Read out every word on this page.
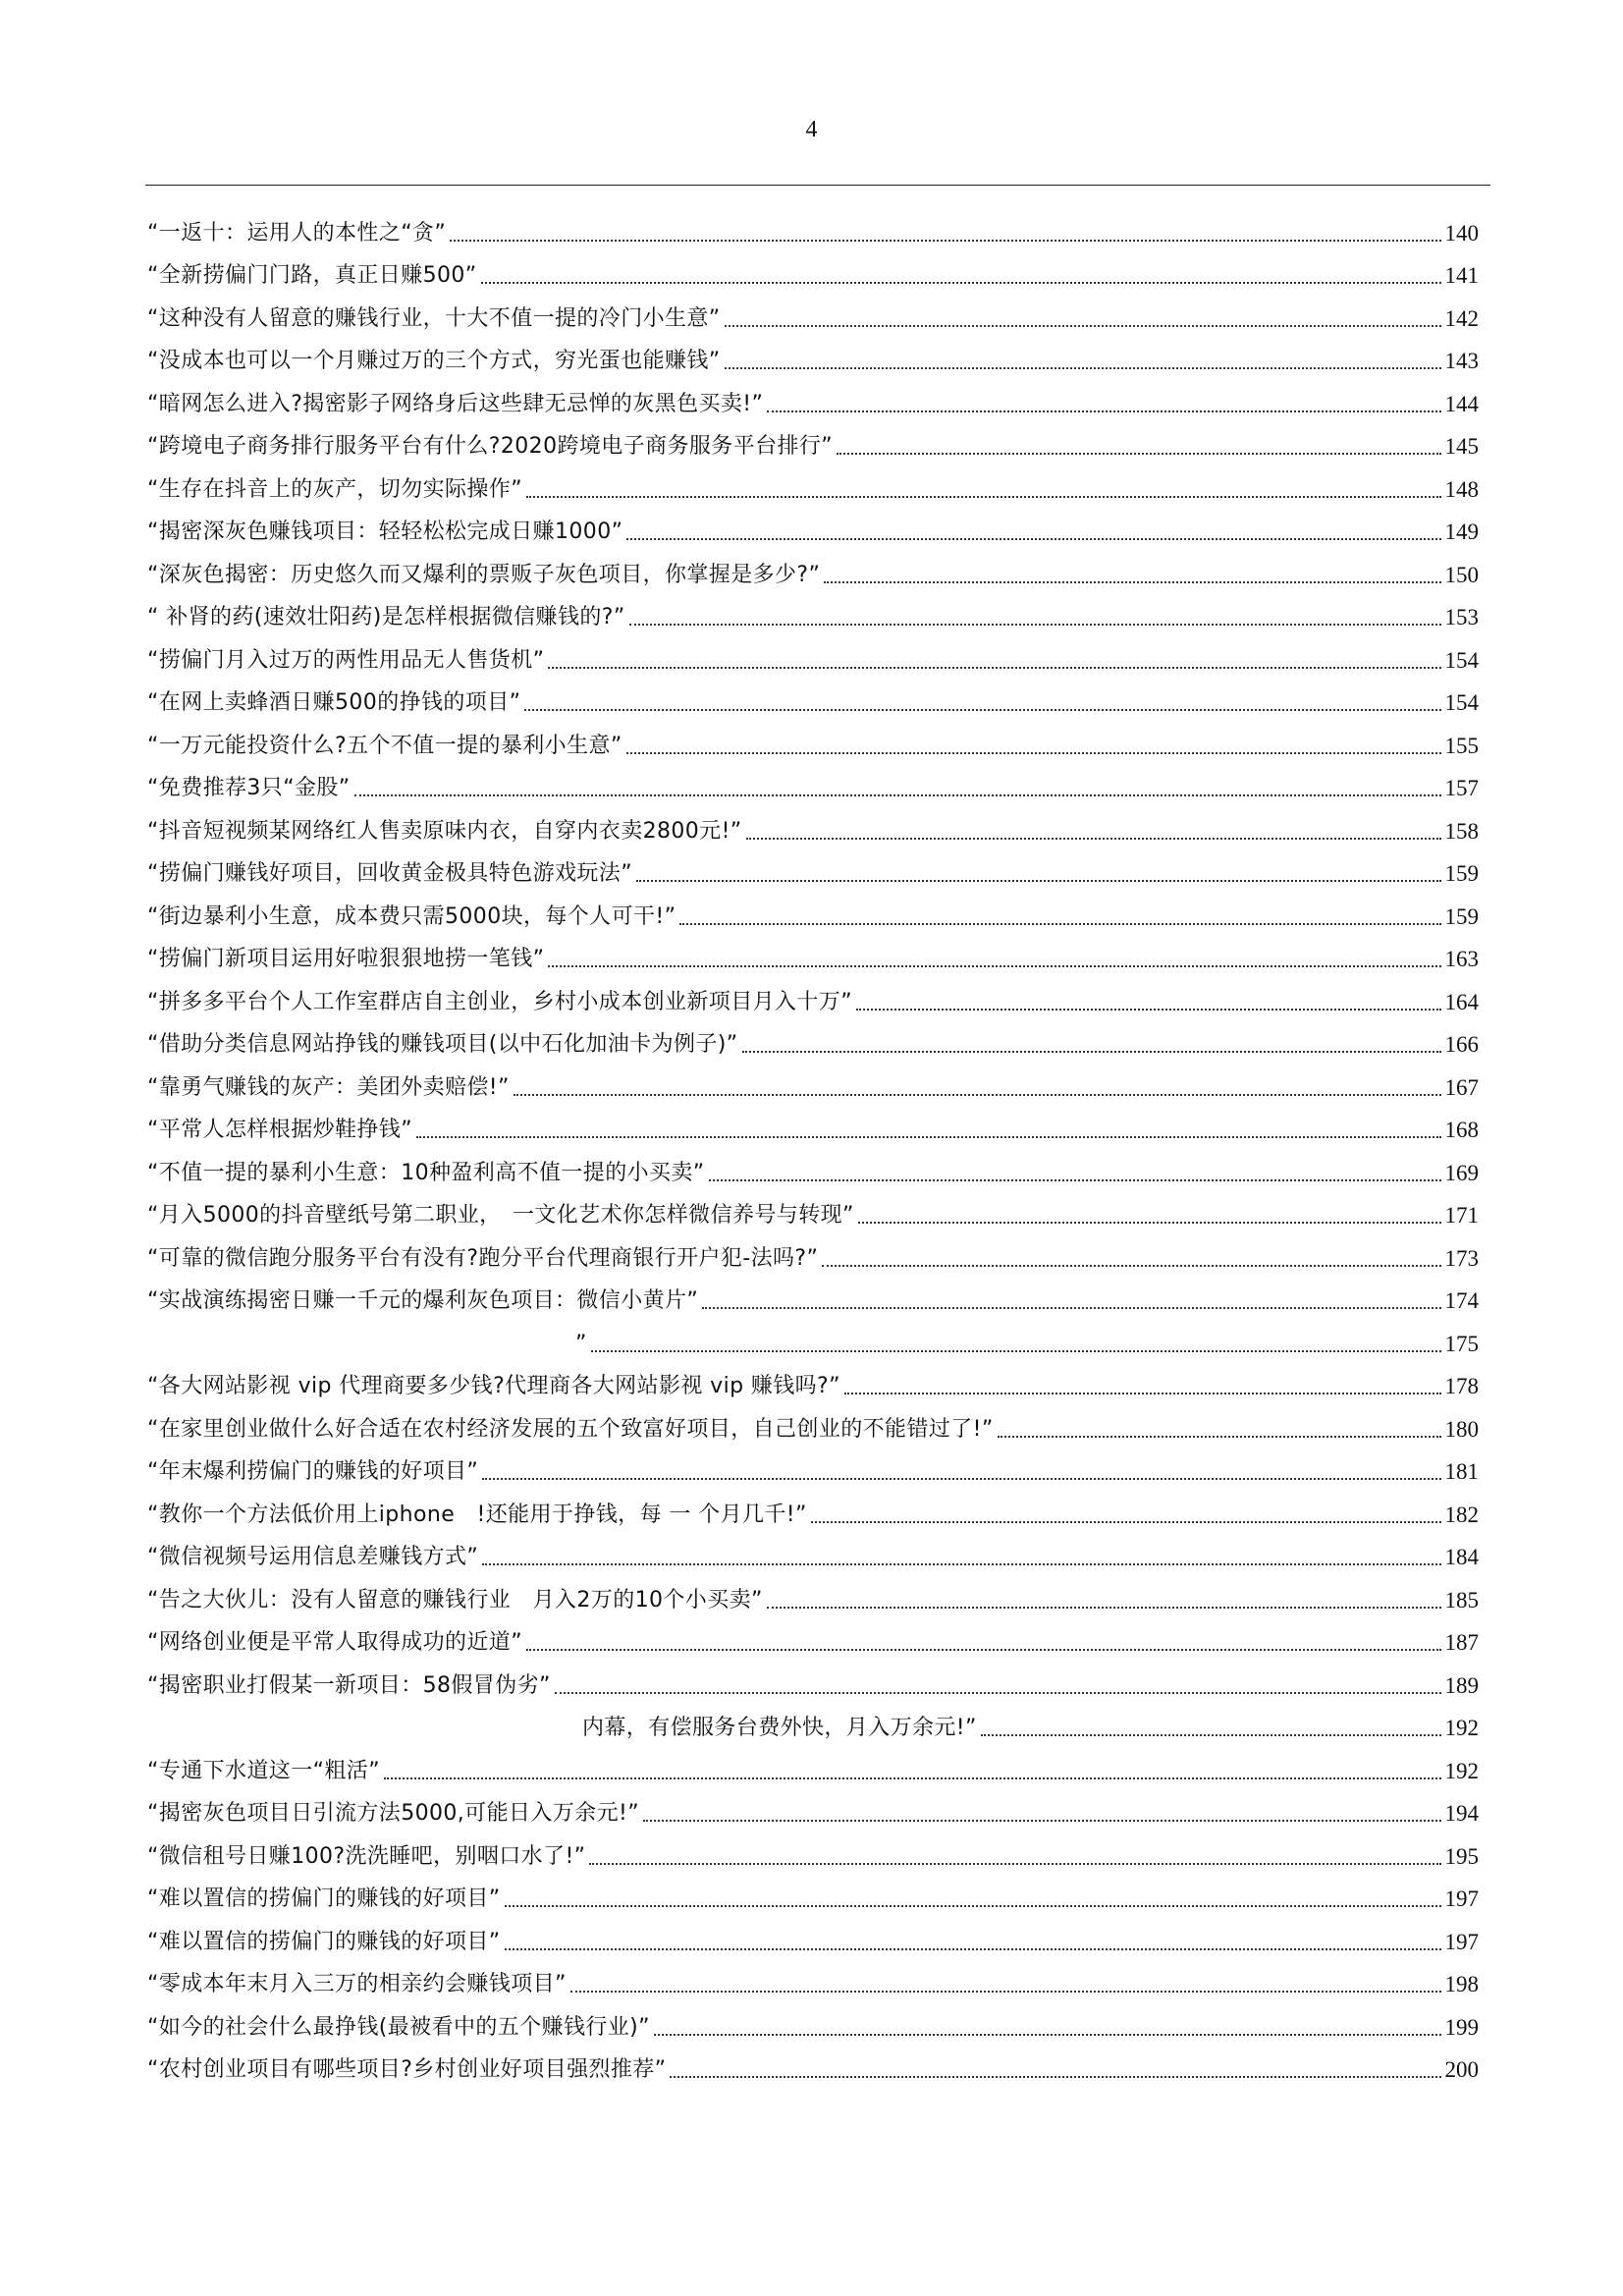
4
“一返十：运用人的本性之“贪”	140
“全新捞偏门门路，真正日赚500”	141
“这种没有人留意的赚钱行业，十大不值一提的冷门小生意”	142
“没成本也可以一个月赚过万的三个方式，穷光蛋也能赚钱”	143
“暗网怎么进入?揭密影子网络身后这些肆无忌惮的灰黑色买卖!”	144
“跨境电子商务排行服务平台有什么?2020跨境电子商务服务平台排行”	145
“生存在抖音上的灰产，切勿实际操作”	148
“揭密深灰色赚钱项目：轻轻松松完成日赚1000”	149
“深灰色揭密：历史悠久而又爆利的票贩子灰色项目，你掌握是多少?”	150
“ 补肾的药(速效壮阳药)是怎样根据微信赚钱的?”	153
“捞偏门月入过万的两性用品无人售货机”	154
“在网上卖蜂酒日赚500的挣钱的项目”	154
“一万元能投资什么?五个不值一提的暴利小生意”	155
“免费推荐3只“金股”	157
“抖音短视频某网络红人售卖原味内衣，自穿内衣卖2800元!”	158
“捞偏门赚钱好项目，回收黄金极具特色游戏玩法”	159
“街边暴利小生意，成本费只需5000块，每个人可干!”	159
“捞偏门新项目运用好啦狠狠地捞一笔钱”	163
“拼多多平台个人工作室群店自主创业，乡村小成本创业新项目月入十万”	164
“借助分类信息网站挣钱的赚钱项目(以中石化加油卡为例子)”	166
“靠勇气赚钱的灰产：美团外卖赔偿!”	167
“平常人怎样根据炒鞋挣钱”	168
“不值一提的暴利小生意：10种盈利高不值一提的小买卖”	169
“月入5000的抖音壁纸号第二职业，　一文化艺术你怎样微信养号与转现”	171
“可靠的微信跑分服务平台有没有?跑分平台代理商银行开户犯-法吗?”	173
“实战演练揭密日赚一千元的爆利灰色项目：微信小黄片”	174
”	175
“各大网站影视 vip 代理商要多少钱?代理商各大网站影视 vip 赚钱吗?”	178
“在家里创业做什么好合适在农村经济发展的五个致富好项目，自己创业的不能错过了!”	180
“年末爆利捞偏门的赚钱的好项目”	181
“教你一个方法低价用上iphone　!还能用于挣钱，每 一 个月几千!”	182
“微信视频号运用信息差赚钱方式”	184
“告之大伙儿：没有人留意的赚钱行业　月入2万的10个小买卖”	185
“网络创业便是平常人取得成功的近道”	187
“揭密职业打假某一新项目：58假冒伪劣”	189
内幕，有偿服务台费外快，月入万余元!”	192
“专通下水道这一“粗活”	192
“揭密灰色项目日引流方法5000,可能日入万余元!”	194
“微信租号日赚100?洗洗睡吧，别咽口水了!”	195
“难以置信的捞偏门的赚钱的好项目”	197
“难以置信的捞偏门的赚钱的好项目”	197
“零成本年末月入三万的相亲约会赚钱项目”	198
“如今的社会什么最挣钱(最被看中的五个赚钱行业)”	199
“农村创业项目有哪些项目?乡村创业好项目强烈推荐”	200
